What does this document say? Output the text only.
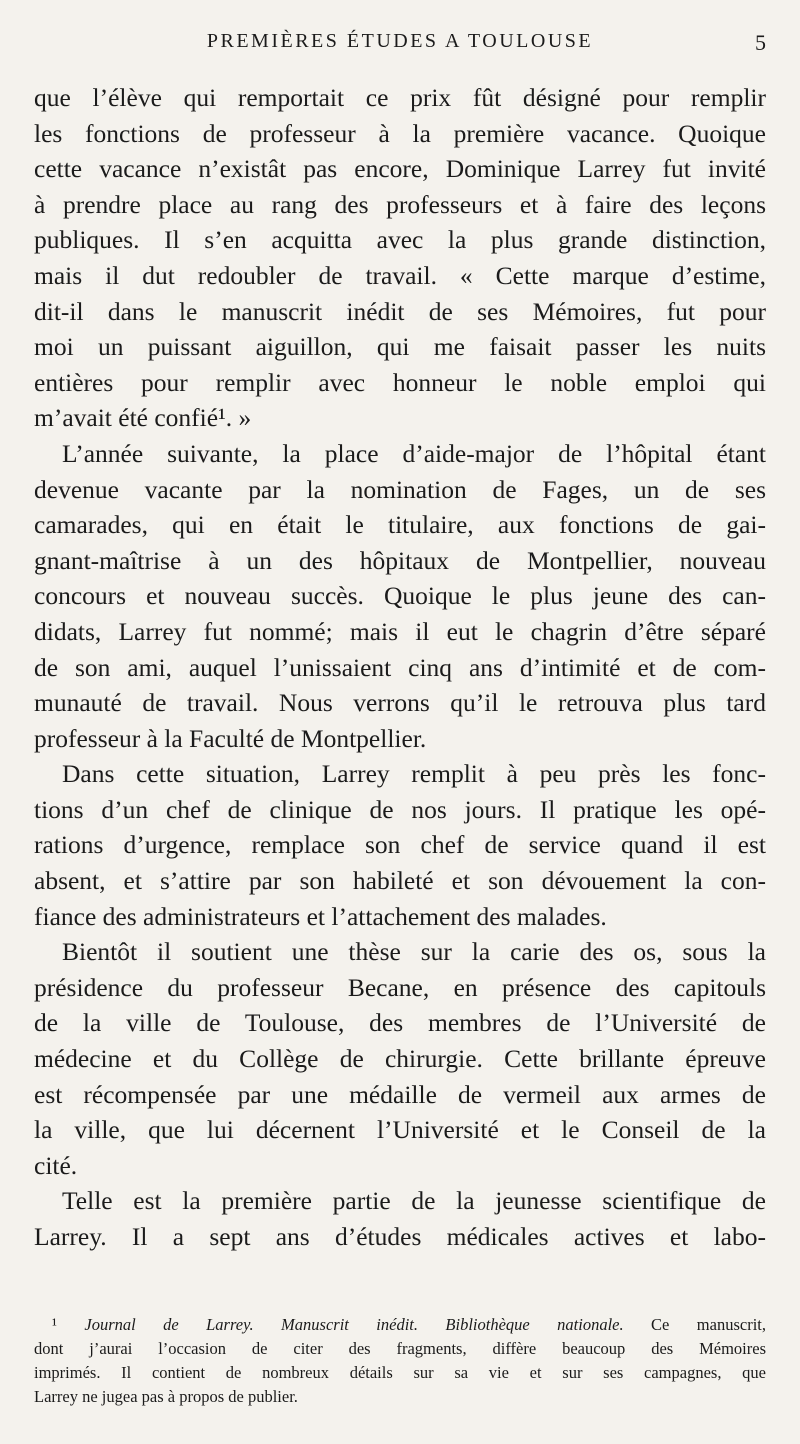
PREMIÈRES ÉTUDES A TOULOUSE	5
que l’élève qui remportait ce prix fût désigné pour remplir
les fonctions de professeur à la première vacance. Quoique
cette vacance n’existât pas encore, Dominique Larrey fut invité
à prendre place au rang des professeurs et à faire des leçons
publiques. Il s’en acquitta avec la plus grande distinction,
mais il dut redoubler de travail. « Cette marque d’estime,
dit-il dans le manuscrit inédit de ses Mémoires, fut pour
moi un puissant aiguillon, qui me faisait passer les nuits
entières pour remplir avec honneur le noble emploi qui
m’avait été confié¹. »
L’année suivante, la place d’aide-major de l’hôpital étant
devenue vacante par la nomination de Fages, un de ses
camarades, qui en était le titulaire, aux fonctions de gai-
gnant-maîtrise à un des hôpitaux de Montpellier, nouveau
concours et nouveau succès. Quoique le plus jeune des can-
didats, Larrey fut nommé; mais il eut le chagrin d’être séparé
de son ami, auquel l’unissaient cinq ans d’intimité et de com-
munauté de travail. Nous verrons qu’il le retrouva plus tard
professeur à la Faculté de Montpellier.
Dans cette situation, Larrey remplit à peu près les fonc-
tions d’un chef de clinique de nos jours. Il pratique les opé-
rations d’urgence, remplace son chef de service quand il est
absent, et s’attire par son habileté et son dévouement la con-
fiance des administrateurs et l’attachement des malades.
Bientôt il soutient une thèse sur la carie des os, sous la
présidence du professeur Becane, en présence des capitouls
de la ville de Toulouse, des membres de l’Université de
médecine et du Collège de chirurgie. Cette brillante épreuve
est récompensée par une médaille de vermeil aux armes de
la ville, que lui décernent l’Université et le Conseil de la
cité.
Telle est la première partie de la jeunesse scientifique de
Larrey. Il a sept ans d’études médicales actives et labo-
¹ Journal de Larrey. Manuscrit inédit. Bibliothèque nationale. Ce manuscrit,
dont j’aurai l’occasion de citer des fragments, diffère beaucoup des Mémoires
imprimés. Il contient de nombreux détails sur sa vie et sur ses campagnes, que
Larrey ne jugea pas à propos de publier.
